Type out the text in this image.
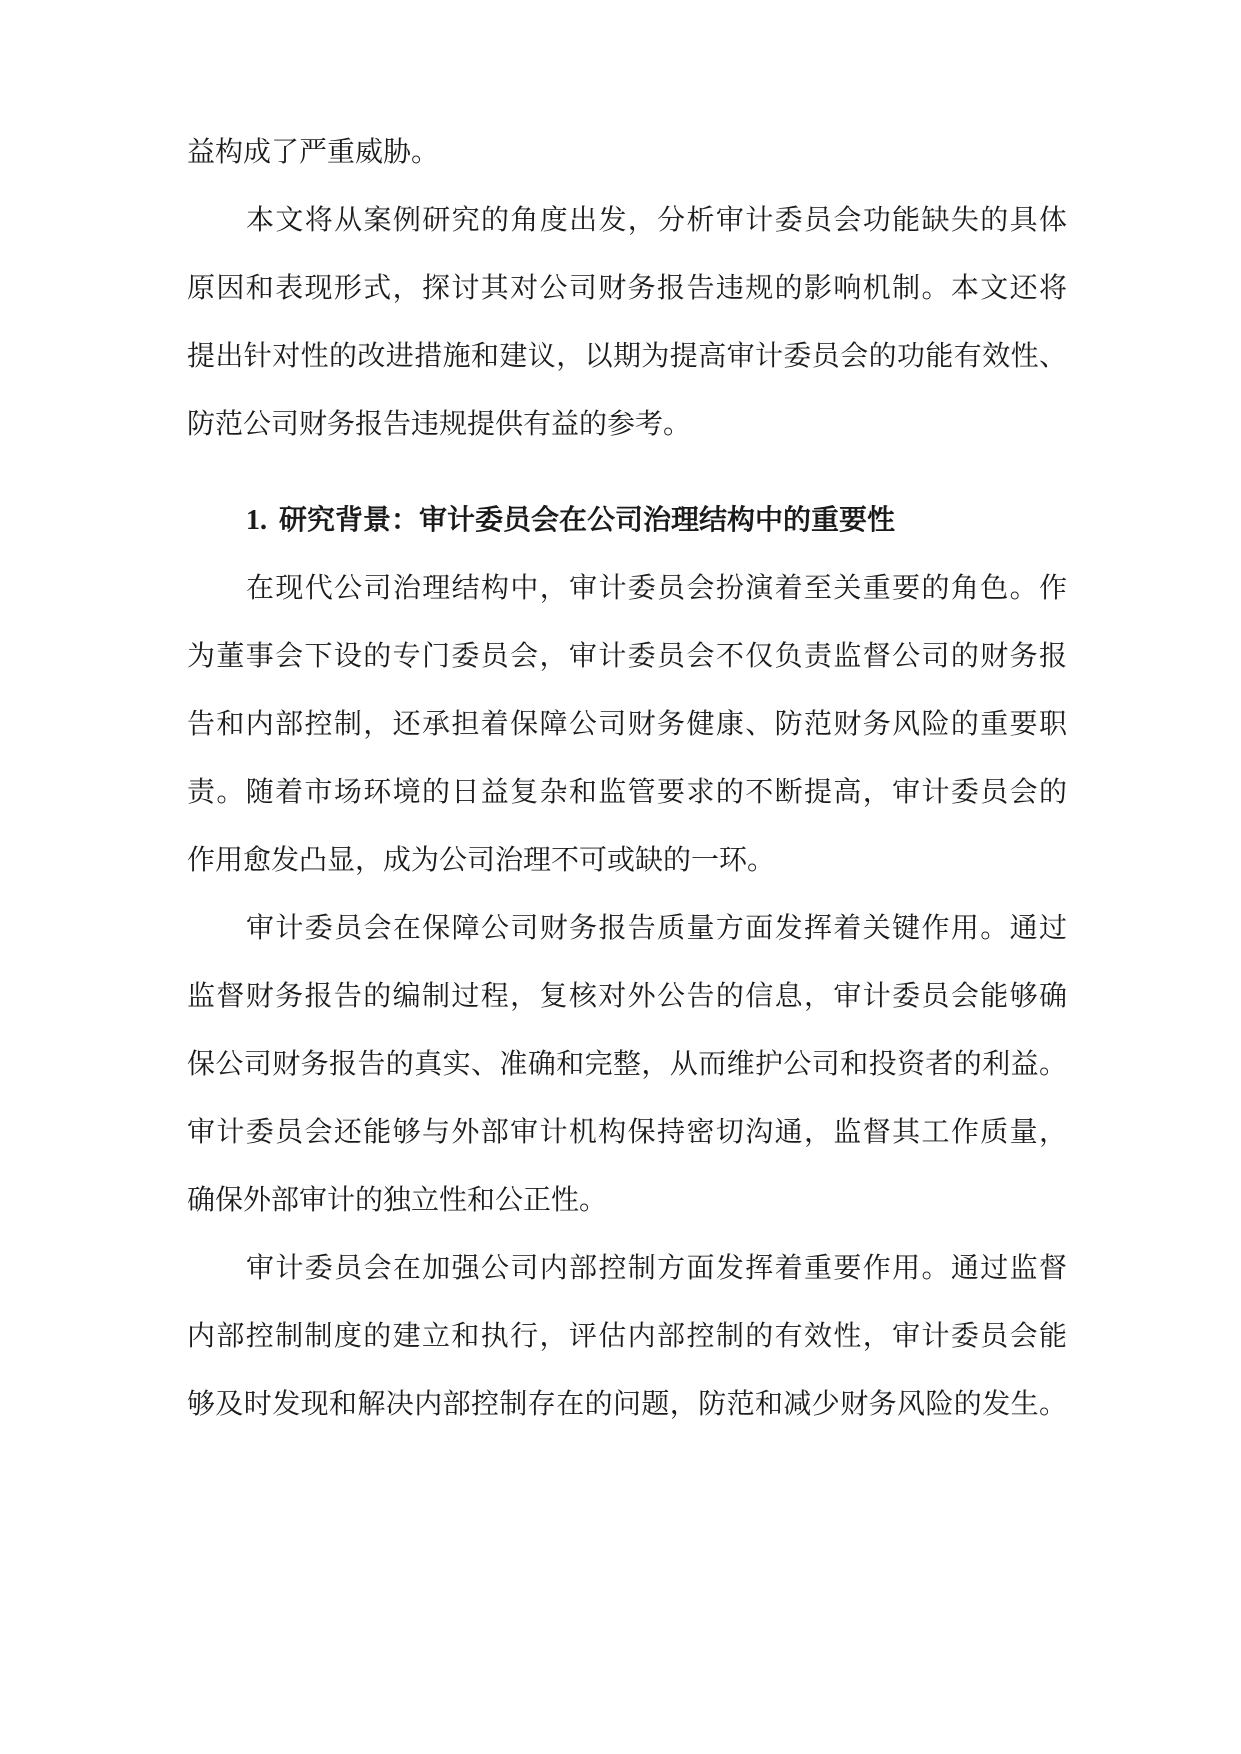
益构成了严重威胁。
本文将从案例研究的角度出发，分析审计委员会功能缺失的具体
原因和表现形式，探讨其对公司财务报告违规的影响机制。本文还将
提出针对性的改进措施和建议，以期为提高审计委员会的功能有效性、
防范公司财务报告违规提供有益的参考。
1. 研究背景：审计委员会在公司治理结构中的重要性
在现代公司治理结构中，审计委员会扮演着至关重要的角色。作
为董事会下设的专门委员会，审计委员会不仅负责监督公司的财务报
告和内部控制，还承担着保障公司财务健康、防范财务风险的重要职
责。随着市场环境的日益复杂和监管要求的不断提高，审计委员会的
作用愈发凸显，成为公司治理不可或缺的一环。
审计委员会在保障公司财务报告质量方面发挥着关键作用。通过
监督财务报告的编制过程，复核对外公告的信息，审计委员会能够确
保公司财务报告的真实、准确和完整，从而维护公司和投资者的利益。
审计委员会还能够与外部审计机构保持密切沟通，监督其工作质量，
确保外部审计的独立性和公正性。
审计委员会在加强公司内部控制方面发挥着重要作用。通过监督
内部控制制度的建立和执行，评估内部控制的有效性，审计委员会能
够及时发现和解决内部控制存在的问题，防范和减少财务风险的发生。
